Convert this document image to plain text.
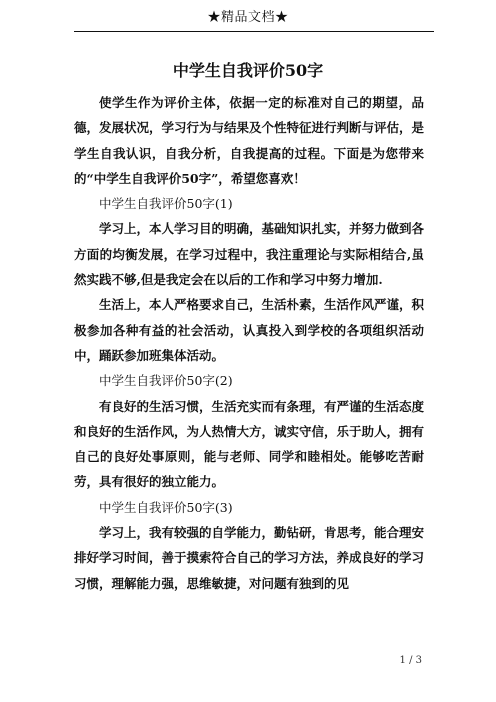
★精品文档★
中学生自我评价50字

使学生作为评价主体，依据一定的标准对自己的期望，品德，发展状况，学习行为与结果及个性特征进行判断与评估，是学生自我认识，自我分析，自我提高的过程。下面是为您带来的“中学生自我评价50字”，希望您喜欢！

中学生自我评价50字(1)

学习上，本人学习目的明确，基础知识扎实，并努力做到各方面的均衡发展，在学习过程中，我注重理论与实际相结合,虽然实践不够,但是我定会在以后的工作和学习中努力增加.

生活上，本人严格要求自己，生活朴素，生活作风严谨，积极参加各种有益的社会活动，认真投入到学校的各项组织活动中，踊跃参加班集体活动。

中学生自我评价50字(2)

有良好的生活习惯，生活充实而有条理，有严谨的生活态度和良好的生活作风，为人热情大方，诚实守信，乐于助人，拥有自己的良好处事原则，能与老师、同学和睦相处。能够吃苦耐劳，具有很好的独立能力。

中学生自我评价50字(3)

学习上，我有较强的自学能力，勤钻研，肯思考，能合理安排好学习时间，善于摸索符合自己的学习方法，养成良好的学习习惯，理解能力强，思维敏捷，对问题有独到的见

1 / 3
